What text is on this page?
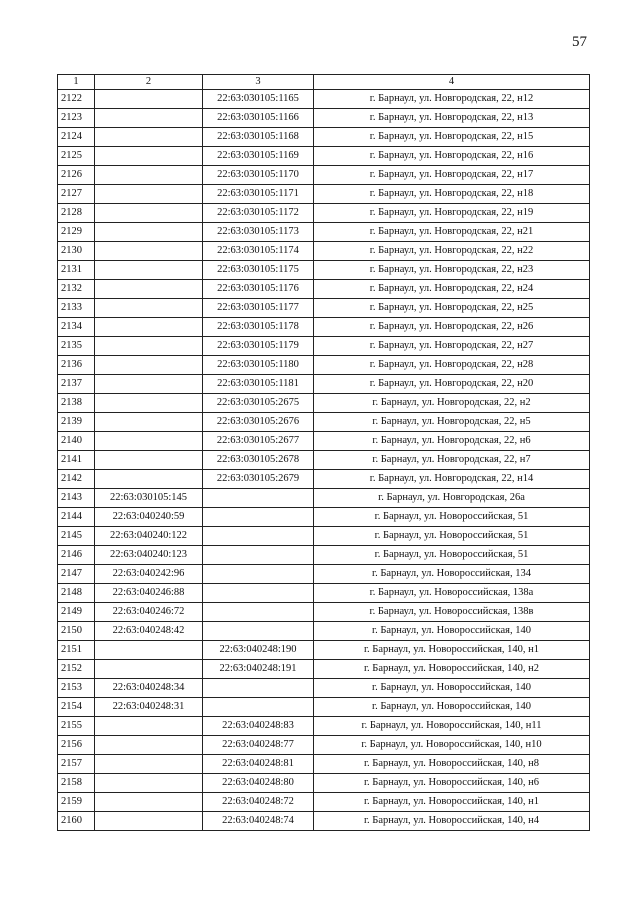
57
1	2	3	4
2122		22:63:030105:1165	г. Барнаул, ул. Новгородская, 22, н12
2123		22:63:030105:1166	г. Барнаул, ул. Новгородская, 22, н13
2124		22:63:030105:1168	г. Барнаул, ул. Новгородская, 22, н15
2125		22:63:030105:1169	г. Барнаул, ул. Новгородская, 22, н16
2126		22:63:030105:1170	г. Барнаул, ул. Новгородская, 22, н17
2127		22:63:030105:1171	г. Барнаул, ул. Новгородская, 22, н18
2128		22:63:030105:1172	г. Барнаул, ул. Новгородская, 22, н19
2129		22:63:030105:1173	г. Барнаул, ул. Новгородская, 22, н21
2130		22:63:030105:1174	г. Барнаул, ул. Новгородская, 22, н22
2131		22:63:030105:1175	г. Барнаул, ул. Новгородская, 22, н23
2132		22:63:030105:1176	г. Барнаул, ул. Новгородская, 22, н24
2133		22:63:030105:1177	г. Барнаул, ул. Новгородская, 22, н25
2134		22:63:030105:1178	г. Барнаул, ул. Новгородская, 22, н26
2135		22:63:030105:1179	г. Барнаул, ул. Новгородская, 22, н27
2136		22:63:030105:1180	г. Барнаул, ул. Новгородская, 22, н28
2137		22:63:030105:1181	г. Барнаул, ул. Новгородская, 22, н20
2138		22:63:030105:2675	г. Барнаул, ул. Новгородская, 22, н2
2139		22:63:030105:2676	г. Барнаул, ул. Новгородская, 22, н5
2140		22:63:030105:2677	г. Барнаул, ул. Новгородская, 22, н6
2141		22:63:030105:2678	г. Барнаул, ул. Новгородская, 22, н7
2142		22:63:030105:2679	г. Барнаул, ул. Новгородская, 22, н14
2143	22:63:030105:145		г. Барнаул, ул. Новгородская, 26а
2144	22:63:040240:59		г. Барнаул, ул. Новороссийская, 51
2145	22:63:040240:122		г. Барнаул, ул. Новороссийская, 51
2146	22:63:040240:123		г. Барнаул, ул. Новороссийская, 51
2147	22:63:040242:96		г. Барнаул, ул. Новороссийская, 134
2148	22:63:040246:88		г. Барнаул, ул. Новороссийская, 138а
2149	22:63:040246:72		г. Барнаул, ул. Новороссийская, 138в
2150	22:63:040248:42		г. Барнаул, ул. Новороссийская, 140
2151		22:63:040248:190	г. Барнаул, ул. Новороссийская, 140, н1
2152		22:63:040248:191	г. Барнаул, ул. Новороссийская, 140, н2
2153	22:63:040248:34		г. Барнаул, ул. Новороссийская, 140
2154	22:63:040248:31		г. Барнаул, ул. Новороссийская, 140
2155		22:63:040248:83	г. Барнаул, ул. Новороссийская, 140, н11
2156		22:63:040248:77	г. Барнаул, ул. Новороссийская, 140, н10
2157		22:63:040248:81	г. Барнаул, ул. Новороссийская, 140, н8
2158		22:63:040248:80	г. Барнаул, ул. Новороссийская, 140, н6
2159		22:63:040248:72	г. Барнаул, ул. Новороссийская, 140, н1
2160		22:63:040248:74	г. Барнаул, ул. Новороссийская, 140, н4
